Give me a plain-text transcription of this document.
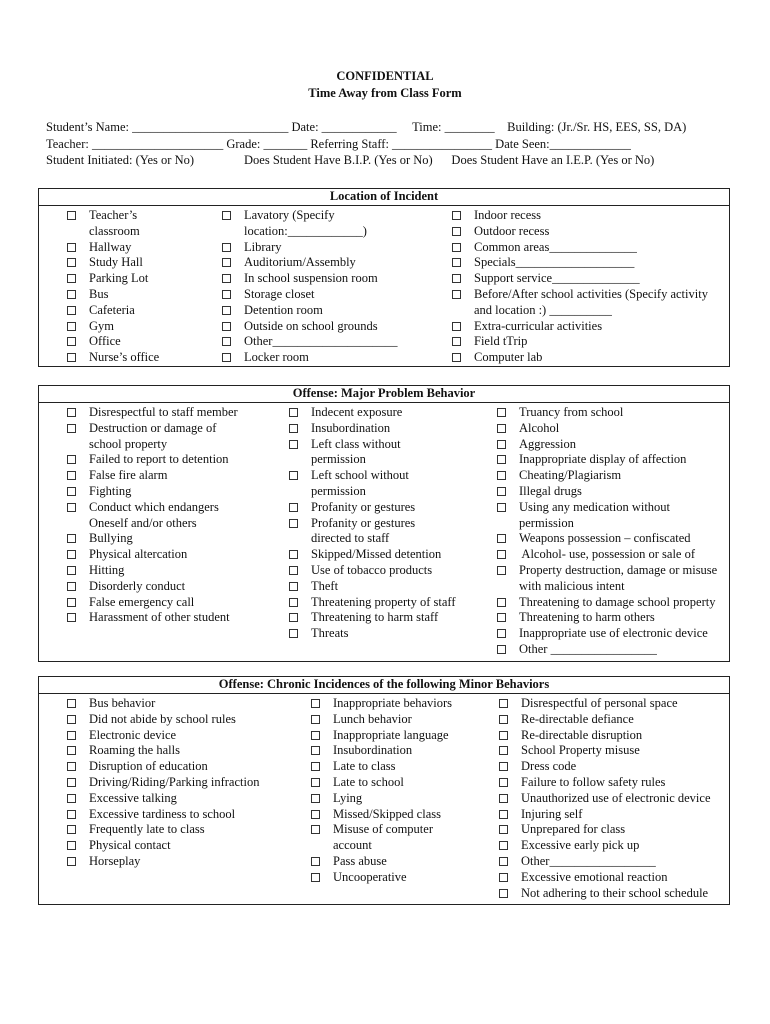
CONFIDENTIAL
Time Away from Class Form
Student’s Name: _________________________ Date: ____________     Time: ________    Building: (Jr./Sr. HS, EES, SS, DA)
Teacher: _____________________ Grade: _______ Referring Staff: ________________ Date Seen:_____________
Student Initiated: (Yes or No)                Does Student Have B.I.P. (Yes or No)      Does Student Have an I.E.P. (Yes or No)
Location of Incident
Teacher’s
classroom
Hallway
Study Hall
Parking Lot
Bus
Cafeteria
Gym
Office
Nurse’s office
Lavatory (Specify
location:____________)
Library
Auditorium/Assembly
In school suspension room
Storage closet
Detention room
Outside on school grounds
Other____________________
Locker room
Indoor recess
Outdoor recess
Common areas______________
Specials___________________
Support service______________
Before/After school activities (Specify activity
and location :) __________
Extra-curricular activities
Field tTrip
Computer lab
Offense: Major Problem Behavior
Disrespectful to staff member
Destruction or damage of
school property
Failed to report to detention
False fire alarm
Fighting
Conduct which endangers
Oneself and/or others
Bullying
Physical altercation
Hitting
Disorderly conduct
False emergency call
Harassment of other student
Indecent exposure
Insubordination
Left class without
permission
Left school without
permission
Profanity or gestures
Profanity or gestures
directed to staff
Skipped/Missed detention
Use of tobacco products
Theft
Threatening property of staff
Threatening to harm staff
Threats
Truancy from school
Alcohol
Aggression
Inappropriate display of affection
Cheating/Plagiarism
Illegal drugs
Using any medication without
permission
Weapons possession – confiscated
Alcohol- use, possession or sale of
Property destruction, damage or misuse
with malicious intent
Threatening to damage school property
Threatening to harm others
Inappropriate use of electronic device
Other _________________
Offense: Chronic Incidences of the following Minor Behaviors
Bus behavior
Did not abide by school rules
Electronic device
Roaming the halls
Disruption of education
Driving/Riding/Parking infraction
Excessive talking
Excessive tardiness to school
Frequently late to class
Physical contact
Horseplay
Inappropriate behaviors
Lunch behavior
Inappropriate language
Insubordination
Late to class
Late to school
Lying
Missed/Skipped class
Misuse of computer
account
Pass abuse
Uncooperative
Disrespectful of personal space
Re-directable defiance
Re-directable disruption
School Property misuse
Dress code
Failure to follow safety rules
Unauthorized use of electronic device
Injuring self
Unprepared for class
Excessive early pick up
Other_________________
Excessive emotional reaction
Not adhering to their school schedule
